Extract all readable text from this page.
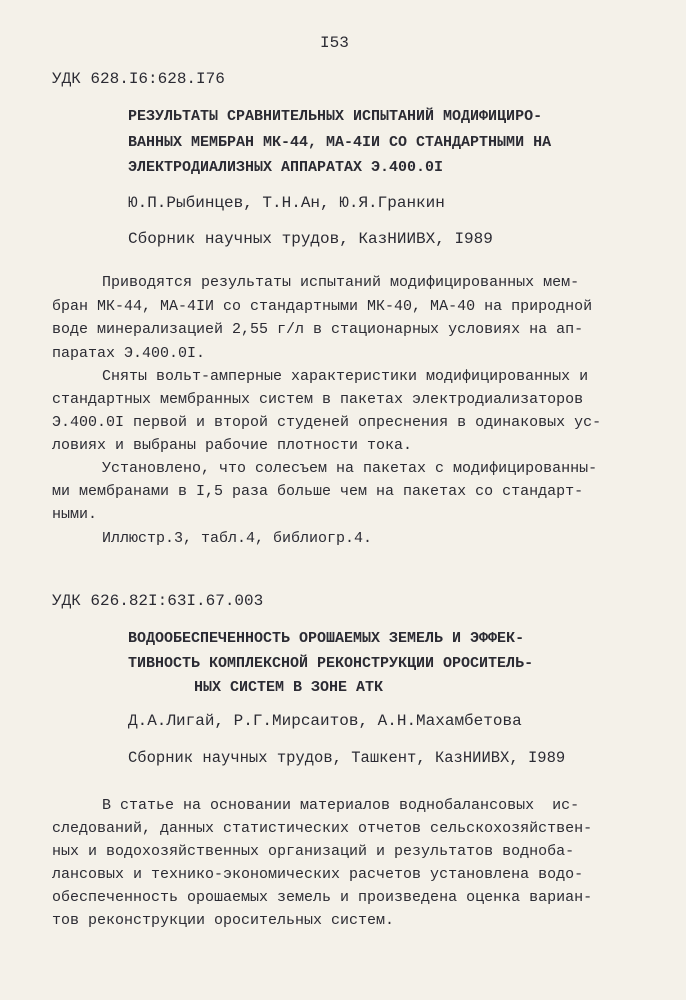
I53
УДК 628.I6:628.I76
РЕЗУЛЬТАТЫ СРАВНИТЕЛЬНЫХ ИСПЫТАНИЙ МОДИФИЦИРО-
ВАННЫХ МЕМБРАН МК-44, МА-4IИ СО СТАНДАРТНЫМИ НА
ЭЛЕКТРОДИАЛИЗНЫХ АППАРАТАХ Э.400.0I
Ю.П.Рыбинцев, Т.Н.Ан, Ю.Я.Гранкин
Сборник научных трудов, КазНИИВХ, I989
Приводятся результаты испытаний модифицированных мем-
бран МК-44, МА-4IИ со стандартными МК-40, МА-40 на природной
воде минерализацией 2,55 г/л в стационарных условиях на ап-
паратах Э.400.0I.
Сняты вольт-амперные характеристики модифицированных и
стандартных мембранных систем в пакетах электродиализаторов
Э.400.0I первой и второй студеней опреснения в одинаковых ус-
ловиях и выбраны рабочие плотности тока.
Установлено, что солесъем на пакетах с модифицированны-
ми мембранами в I,5 раза больше чем на пакетах со стандарт-
ными.
Иллюстр.3, табл.4, библиогр.4.
УДК 626.82I:63I.67.003
ВОДООБЕСПЕЧЕННОСТЬ ОРОШАЕМЫХ ЗЕМЕЛЬ И ЭФФЕК-
ТИВНОСТЬ КОМПЛЕКСНОЙ РЕКОНСТРУКЦИИ ОРОСИТЕЛЬ-
НЫХ СИСТЕМ В ЗОНЕ АТК
Д.А.Лигай, Р.Г.Мирсаитов, А.Н.Махамбетова
Сборник научных трудов, Ташкент, КазНИИВХ, I989
В статье на основании материалов воднобалансовых  ис-
следований, данных статистических отчетов сельскохозяйствен-
ных и водохозяйственных организаций и результатов воднобa-
лансовых и технико-экономических расчетов установлена водо-
обеспеченность орошаемых земель и произведена оценка вариан-
тов реконструкции оросительных систем.
